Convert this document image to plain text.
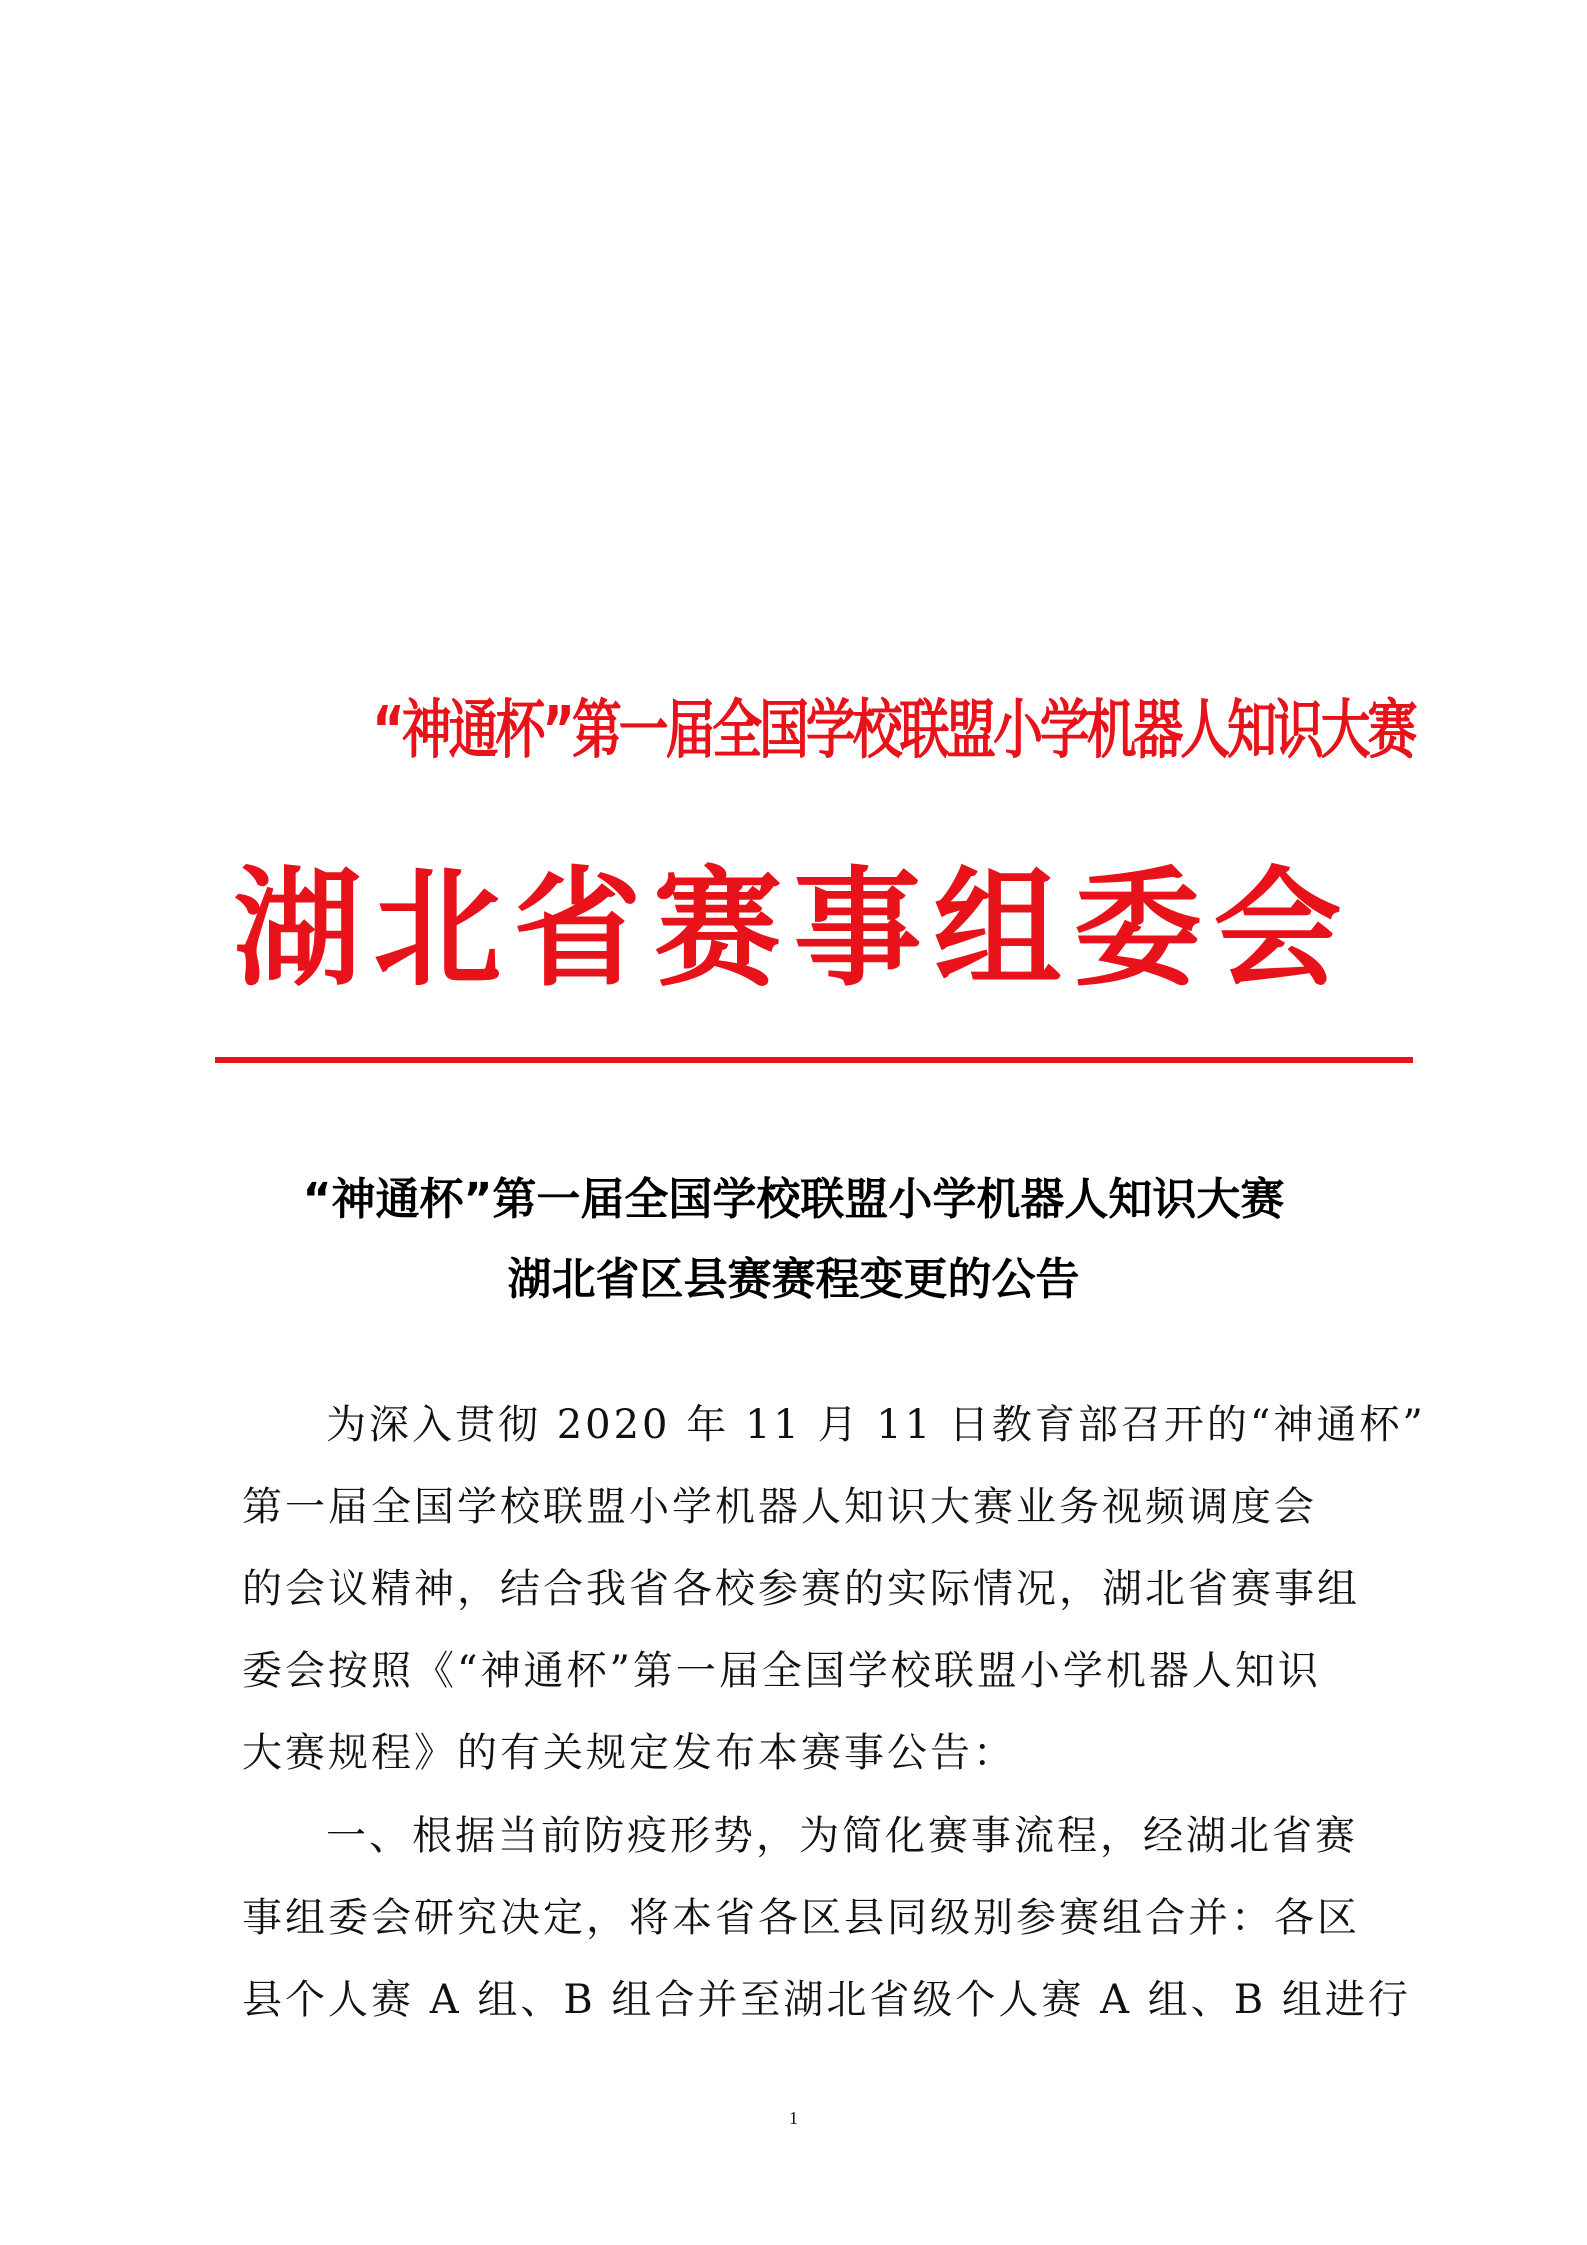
“神通杯”第一届全国学校联盟小学机器人知识大赛
湖北省赛事组委会
“神通杯”第一届全国学校联盟小学机器人知识大赛
湖北省区县赛赛程变更的公告
为深入贯彻 2020 年 11 月 11 日教育部召开的“神通杯”
第一届全国学校联盟小学机器人知识大赛业务视频调度会
的会议精神，结合我省各校参赛的实际情况，湖北省赛事组
委会按照《“神通杯”第一届全国学校联盟小学机器人知识
大赛规程》的有关规定发布本赛事公告：
一、根据当前防疫形势，为简化赛事流程，经湖北省赛
事组委会研究决定，将本省各区县同级别参赛组合并：各区
县个人赛 A 组、B 组合并至湖北省级个人赛 A 组、B 组进行
1
